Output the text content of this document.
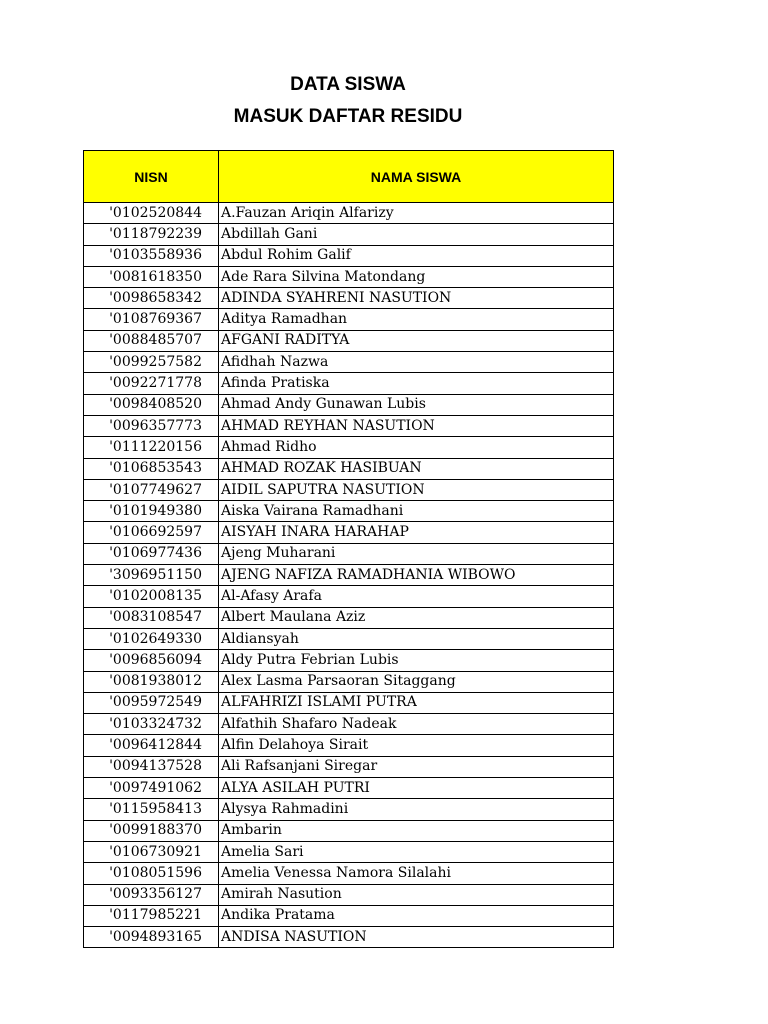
DATA SISWA
MASUK DAFTAR RESIDU
NISN	NAMA SISWA
'0102520844	A.Fauzan Ariqin Alfarizy
'0118792239	Abdillah Gani
'0103558936	Abdul Rohim Galif
'0081618350	Ade Rara Silvina Matondang
'0098658342	ADINDA SYAHRENI NASUTION
'0108769367	Aditya Ramadhan
'0088485707	AFGANI RADITYA
'0099257582	Afidhah Nazwa
'0092271778	Afinda Pratiska
'0098408520	Ahmad Andy Gunawan Lubis
'0096357773	AHMAD REYHAN NASUTION
'0111220156	Ahmad Ridho
'0106853543	AHMAD ROZAK HASIBUAN
'0107749627	AIDIL SAPUTRA NASUTION
'0101949380	Aiska Vairana Ramadhani
'0106692597	AISYAH INARA HARAHAP
'0106977436	Ajeng Muharani
'3096951150	AJENG NAFIZA RAMADHANIA WIBOWO
'0102008135	Al-Afasy Arafa
'0083108547	Albert Maulana Aziz
'0102649330	Aldiansyah
'0096856094	Aldy Putra Febrian Lubis
'0081938012	Alex Lasma Parsaoran Sitaggang
'0095972549	ALFAHRIZI ISLAMI PUTRA
'0103324732	Alfathih Shafaro Nadeak
'0096412844	Alfin Delahoya Sirait
'0094137528	Ali Rafsanjani Siregar
'0097491062	ALYA ASILAH PUTRI
'0115958413	Alysya Rahmadini
'0099188370	Ambarin
'0106730921	Amelia Sari
'0108051596	Amelia Venessa Namora Silalahi
'0093356127	Amirah Nasution
'0117985221	Andika Pratama
'0094893165	ANDISA NASUTION
